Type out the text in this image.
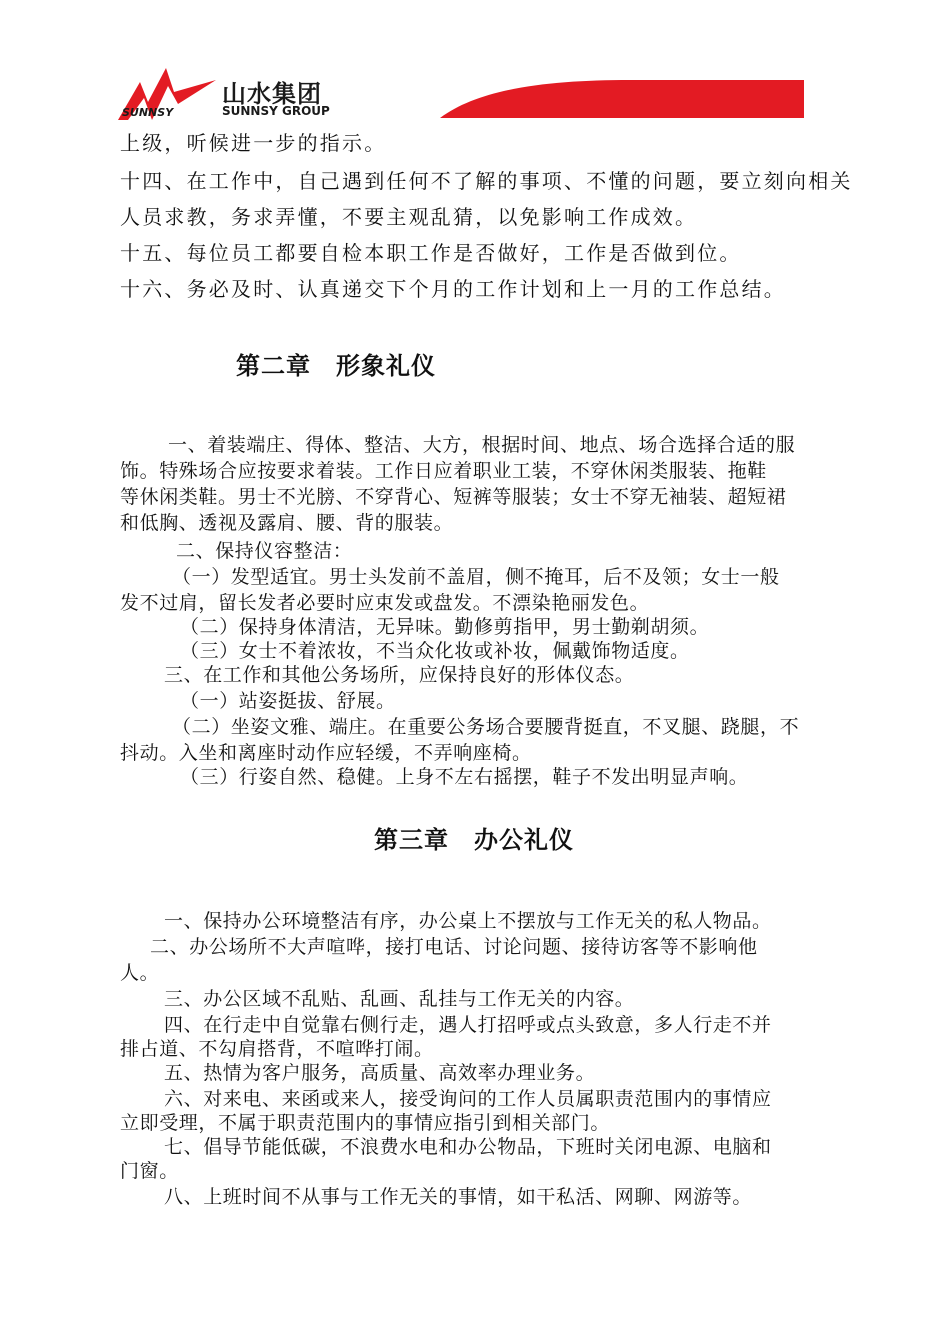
SUNNSY
山水集团
SUNNSY GROUP
上级，听候进一步的指示。
十四、在工作中，自己遇到任何不了解的事项、不懂的问题，要立刻向相关
人员求教，务求弄懂，不要主观乱猜，以免影响工作成效。
十五、每位员工都要自检本职工作是否做好，工作是否做到位。
十六、务必及时、认真递交下个月的工作计划和上一月的工作总结。
第二章　形象礼仪
一、着装端庄、得体、整洁、大方，根据时间、地点、场合选择合适的服
饰。特殊场合应按要求着装。工作日应着职业工装，不穿休闲类服装、拖鞋
等休闲类鞋。男士不光膀、不穿背心、短裤等服装；女士不穿无袖装、超短裙
和低胸、透视及露肩、腰、背的服装。
二、保持仪容整洁：
（一）发型适宜。男士头发前不盖眉，侧不掩耳，后不及领；女士一般
发不过肩，留长发者必要时应束发或盘发。不漂染艳丽发色。
（二）保持身体清洁，无异味。勤修剪指甲，男士勤剃胡须。
（三）女士不着浓妆，不当众化妆或补妆，佩戴饰物适度。
三、在工作和其他公务场所，应保持良好的形体仪态。
（一）站姿挺拔、舒展。
（二）坐姿文雅、端庄。在重要公务场合要腰背挺直，不叉腿、跷腿，不
抖动。入坐和离座时动作应轻缓，不弄响座椅。
（三）行姿自然、稳健。上身不左右摇摆，鞋子不发出明显声响。
第三章　办公礼仪
一、保持办公环境整洁有序，办公桌上不摆放与工作无关的私人物品。
二、办公场所不大声喧哗，接打电话、讨论问题、接待访客等不影响他
人。
三、办公区域不乱贴、乱画、乱挂与工作无关的内容。
四、在行走中自觉靠右侧行走，遇人打招呼或点头致意，多人行走不并
排占道、不勾肩搭背，不喧哗打闹。
五、热情为客户服务，高质量、高效率办理业务。
六、对来电、来函或来人，接受询问的工作人员属职责范围内的事情应
立即受理，不属于职责范围内的事情应指引到相关部门。
七、倡导节能低碳，不浪费水电和办公物品，下班时关闭电源、电脑和
门窗。
八、上班时间不从事与工作无关的事情，如干私活、网聊、网游等。
